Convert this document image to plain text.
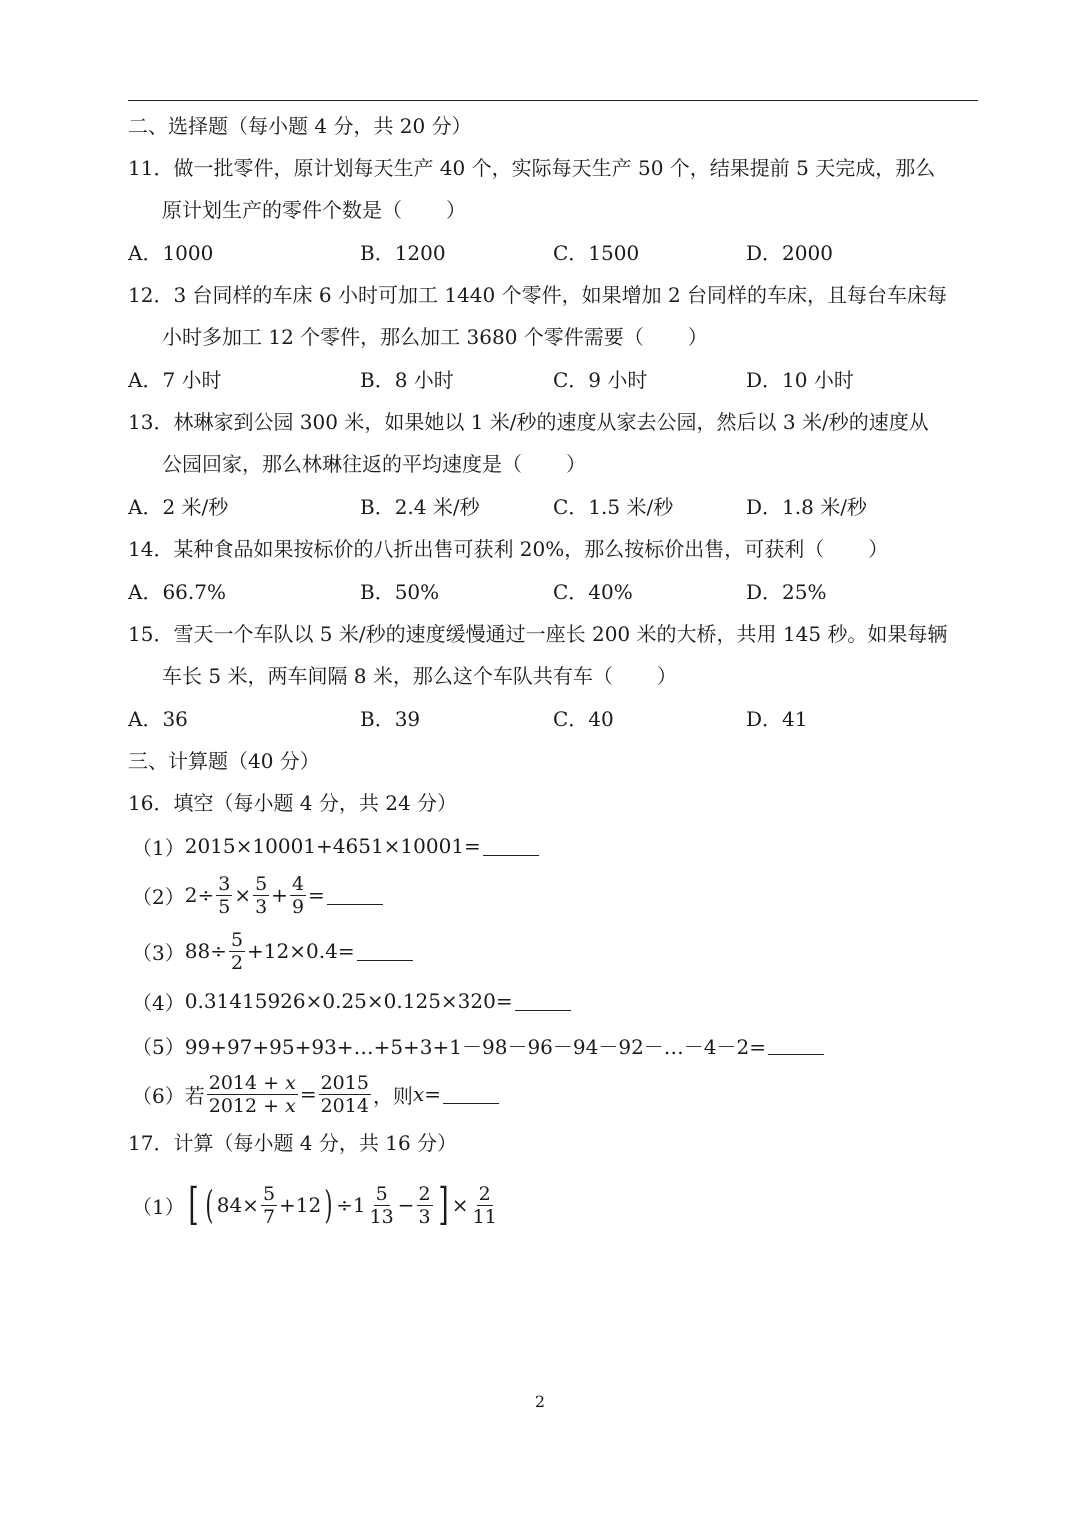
二、选择题（每小题 4 分，共 20 分）
11．做一批零件，原计划每天生产 40 个，实际每天生产 50 个，结果提前 5 天完成，那么
原计划生产的零件个数是（ ）
A．1000	B．1200	C．1500	D．2000
12．3 台同样的车床 6 小时可加工 1440 个零件，如果增加 2 台同样的车床，且每台车床每
小时多加工 12 个零件，那么加工 3680 个零件需要（ ）
A．7 小时	B．8 小时	C．9 小时	D．10 小时
13．林琳家到公园 300 米，如果她以 1 米/秒的速度从家去公园，然后以 3 米/秒的速度从
公园回家，那么林琳往返的平均速度是（ ）
A．2 米/秒	B．2.4 米/秒	C．1.5 米/秒	D．1.8 米/秒
14．某种食品如果按标价的八折出售可获利 20%，那么按标价出售，可获利（ ）
A．66.7%	B．50%	C．40%	D．25%
15．雪天一个车队以 5 米/秒的速度缓慢通过一座长 200 米的大桥，共用 145 秒。如果每辆
车长 5 米，两车间隔 8 米，那么这个车队共有车（ ）
A．36	B．39	C．40	D．41
三、计算题（40 分）
16．填空（每小题 4 分，共 24 分）
（1） 2015×10001+4651×10001=
（2） $2\div \frac{3}{5} \times \frac{5}{3} + \frac{4}{9}$ =
（3） $88\div \frac{5}{2} +12\times 0.4=$
（4） 0.31415926×0.25×0.125×320=
（5） 99+97+95+93+…+5+3+1－98－96－94－92－…－4－2=
（6） 若 $\frac{2014 + x}{2012 + x} = \frac{2015}{2014}$ ，则 x =
17．计算（每小题 4 分，共 16 分）
（1） [ ( $84\times \frac{5}{7} +12$ ) $\div 1 \frac{5}{13} - \frac{2}{3}$ ] × $\frac{2}{11}$
2
